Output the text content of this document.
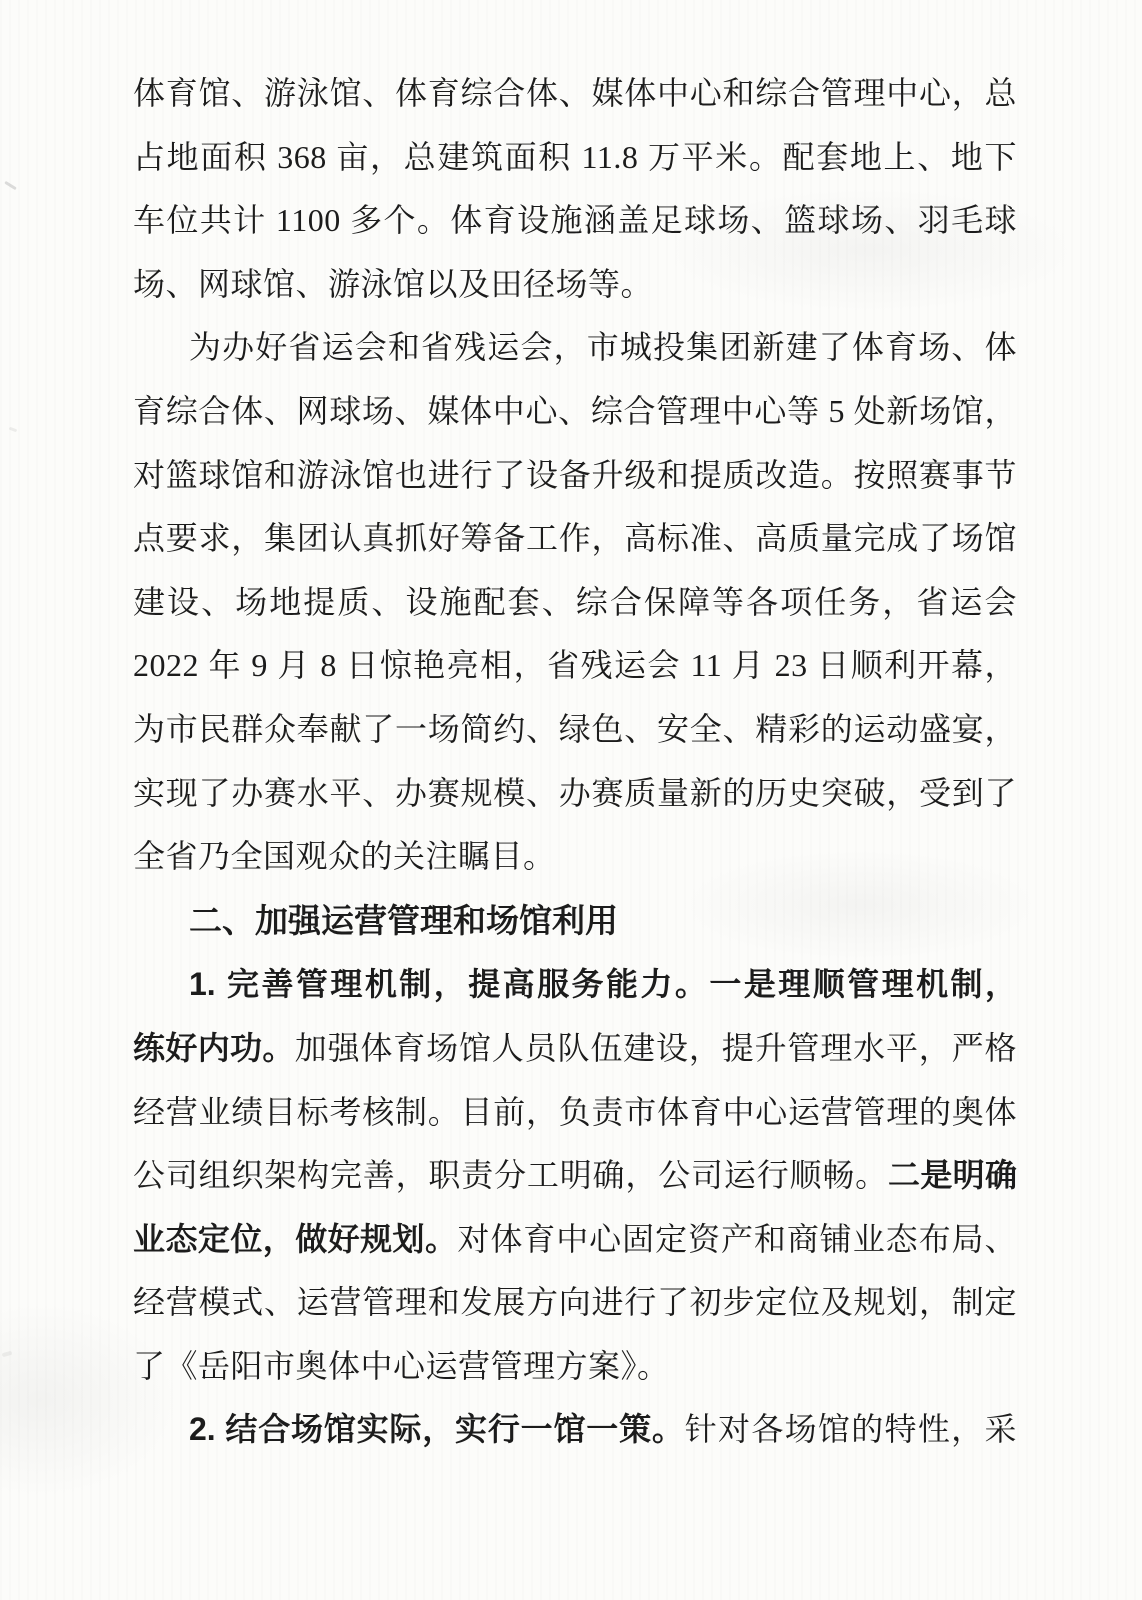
体育馆、游泳馆、体育综合体、媒体中心和综合管理中心，总
占地面积 368 亩，总建筑面积 11.8 万平米。配套地上、地下
车位共计 1100 多个。体育设施涵盖足球场、篮球场、羽毛球
场、网球馆、游泳馆以及田径场等。
为办好省运会和省残运会，市城投集团新建了体育场、体
育综合体、网球场、媒体中心、综合管理中心等 5 处新场馆，
对篮球馆和游泳馆也进行了设备升级和提质改造。按照赛事节
点要求，集团认真抓好筹备工作，高标准、高质量完成了场馆
建设、场地提质、设施配套、综合保障等各项任务，省运会
2022 年 9 月 8 日惊艳亮相，省残运会 11 月 23 日顺利开幕，
为市民群众奉献了一场简约、绿色、安全、精彩的运动盛宴，
实现了办赛水平、办赛规模、办赛质量新的历史突破，受到了
全省乃全国观众的关注瞩目。
二、加强运营管理和场馆利用
1. 完善管理机制，提高服务能力。一是理顺管理机制，
练好内功。加强体育场馆人员队伍建设，提升管理水平，严格
经营业绩目标考核制。目前，负责市体育中心运营管理的奥体
公司组织架构完善，职责分工明确，公司运行顺畅。二是明确
业态定位，做好规划。对体育中心固定资产和商铺业态布局、
经营模式、运营管理和发展方向进行了初步定位及规划，制定
了《岳阳市奥体中心运营管理方案》。
2. 结合场馆实际，实行一馆一策。针对各场馆的特性，采
